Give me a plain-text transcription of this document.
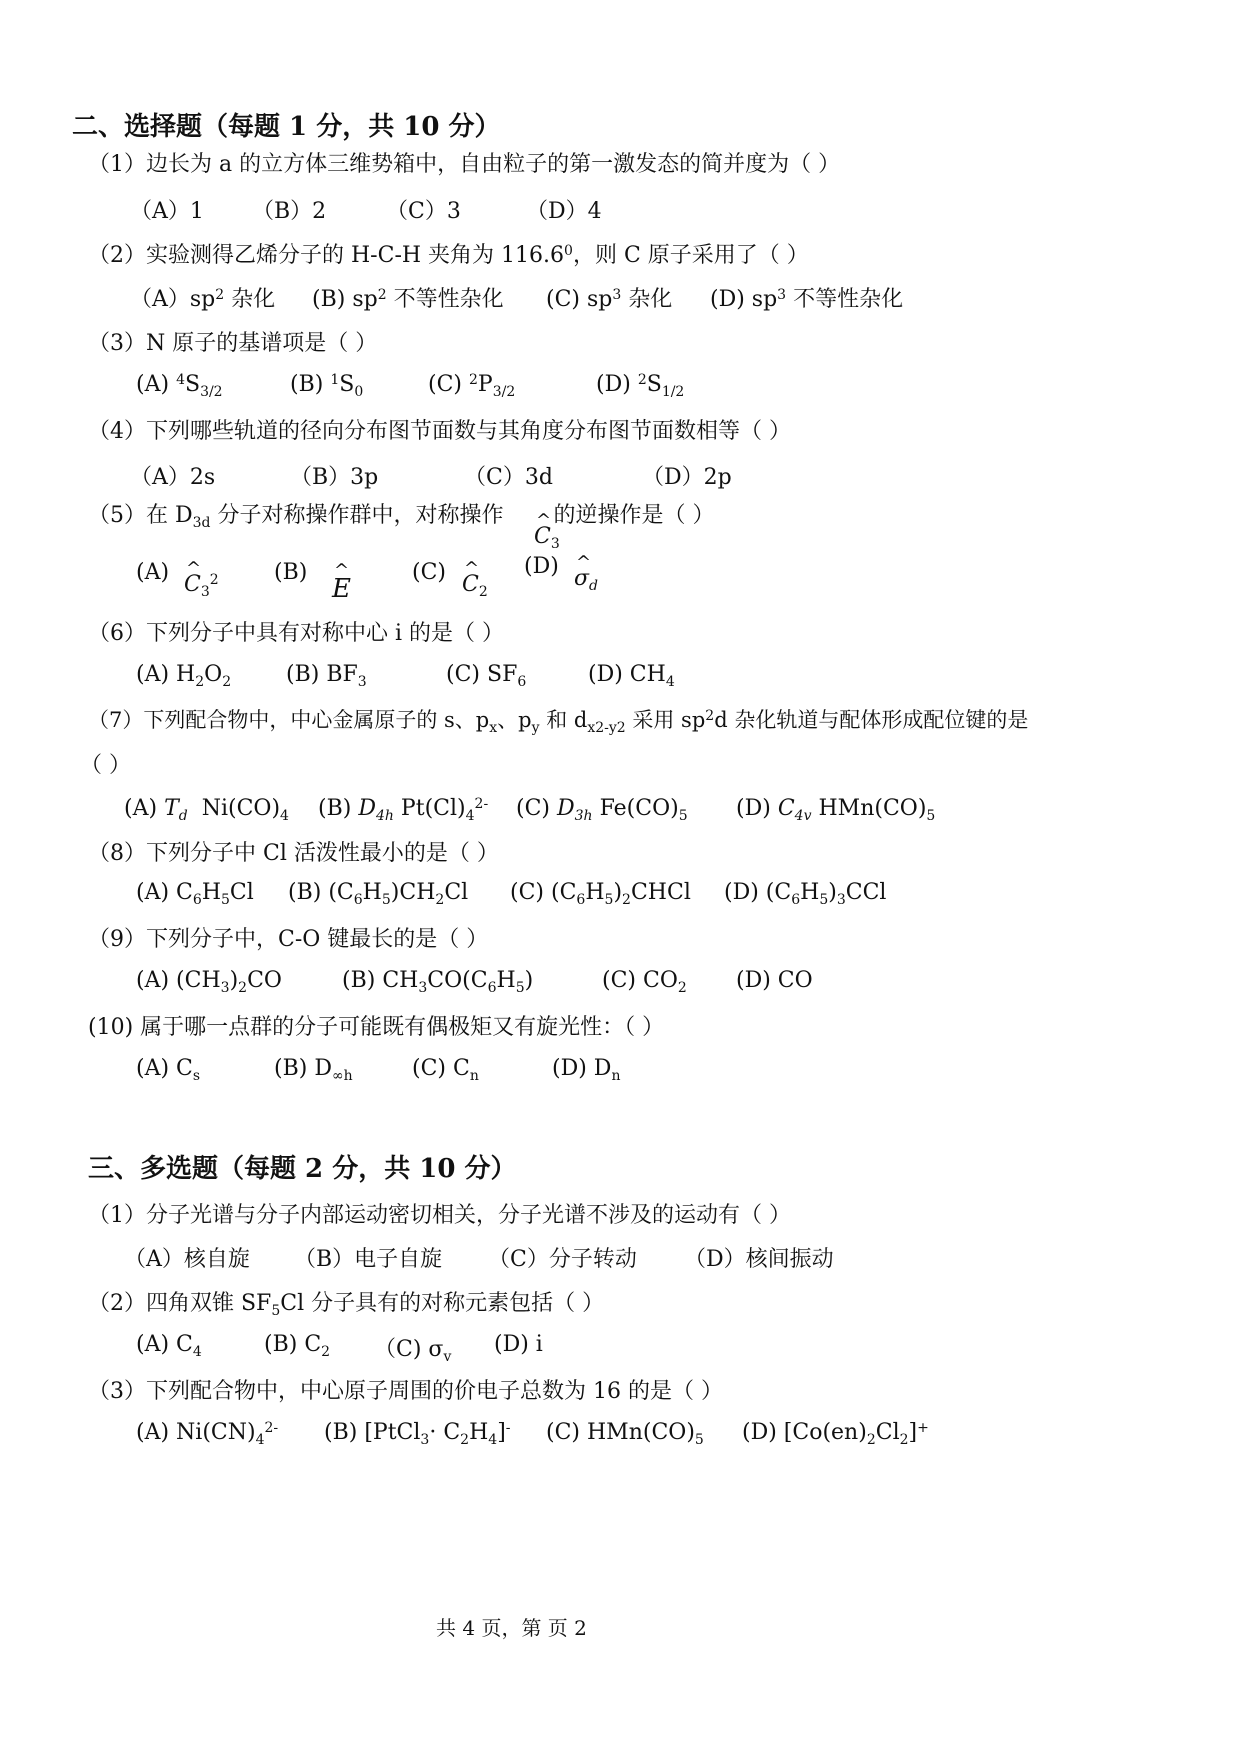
二、选择题（每题 1 分，共 10 分）
（1）边长为 a 的立方体三维势箱中，自由粒子的第一激发态的简并度为（ ）
（A）1 （B）2	（C）3	（D）4
（2）实验测得乙烯分子的 H-C-H 夹角为 116.6$^0$，则 C 原子采用了（ ）
$(A)sp^2$ 杂化 (B) $sp^2$ 不等性杂化 (C) $sp^3$ 杂化 (D) $sp^3$ 不等性杂化
（3）N 原子的基谱项是（ ）
(A) $^4S_{3/2}$	(B) $^1S_0$	(C) $^2P_{3/2}$	(D) $^2S_{1/2}$
（4）下列哪些轨道的径向分布图节面数与其角度分布图节面数相等（ ）
（A）2s	（B）3p	（C）3d	（D）2p
（5）在 $D_{3d}$ 分子对称操作群中，对称操作 的逆操作是（ ）
^ $C_3$
(A) ^ $C_3^2$	(B)
^ E
(C) ^ $C_2$
(D) ^ $\sigma_d$
（6）下列分子中具有对称中心 i 的是（ ）
(A) $H_2O_2$ (B) $BF_3$	(C) $SF_6$	(D) $CH_4$
（7）下列配合物中，中心金属原子的 s、$p_x$、$p_y$ 和 $d_{x2-y2}$ 采用 $sp^2d$ 杂化轨道与配体形成配位键的是
（ ）
(A) $T_d$ $Ni(CO)_4$ (B) $D_{4h}$ $Pt(Cl)_4^{2-}$ (C) $D_{3h}$ $Fe(CO)_5$ (D) $C_{4v}$ $HMn(CO)_5$
（8）下列分子中 Cl 活泼性最小的是（ ）
(A) $C_6H_5Cl$ (B) $(C_6H_5)CH_2Cl$ (C) $(C_6H_5)_2CHCl$ (D) $(C_6H_5)_3CCl$
（9）下列分子中，C-O 键最长的是（ ）
(A) $(CH_3)_2CO$	(B) $CH_3CO(C_6H_5)$	(C) $CO_2$ (D) CO
(10) 属于哪一点群的分子可能既有偶极矩又有旋光性：（ ）
(A) $C_s$	(B) $D_{\infty h}$	(C) $C_n$	(D) $D_n$
三、多选题（每题 2 分，共 10 分）
（1）分子光谱与分子内部运动密切相关，分子光谱不涉及的运动有（ ）
（A）核自旋 （B）电子自旋 （C）分子转动 （D）核间振动
（2）四角双锥 $SF_5Cl$ 分子具有的对称元素包括（ ）
(A) $C_4$	(B) $C_2$ （C) $\sigma_v$ (D) i
（3）下列配合物中，中心原子周围的价电子总数为 16 的是（ ）
(A) $Ni(CN)_4^{2-}$ (B) [PtCl$_3$· $C_2H_4]^-$ (C) $HMn(CO)_5$ (D) $[Co(en)_2Cl_2]^+$
共 4 页，第 页 2
